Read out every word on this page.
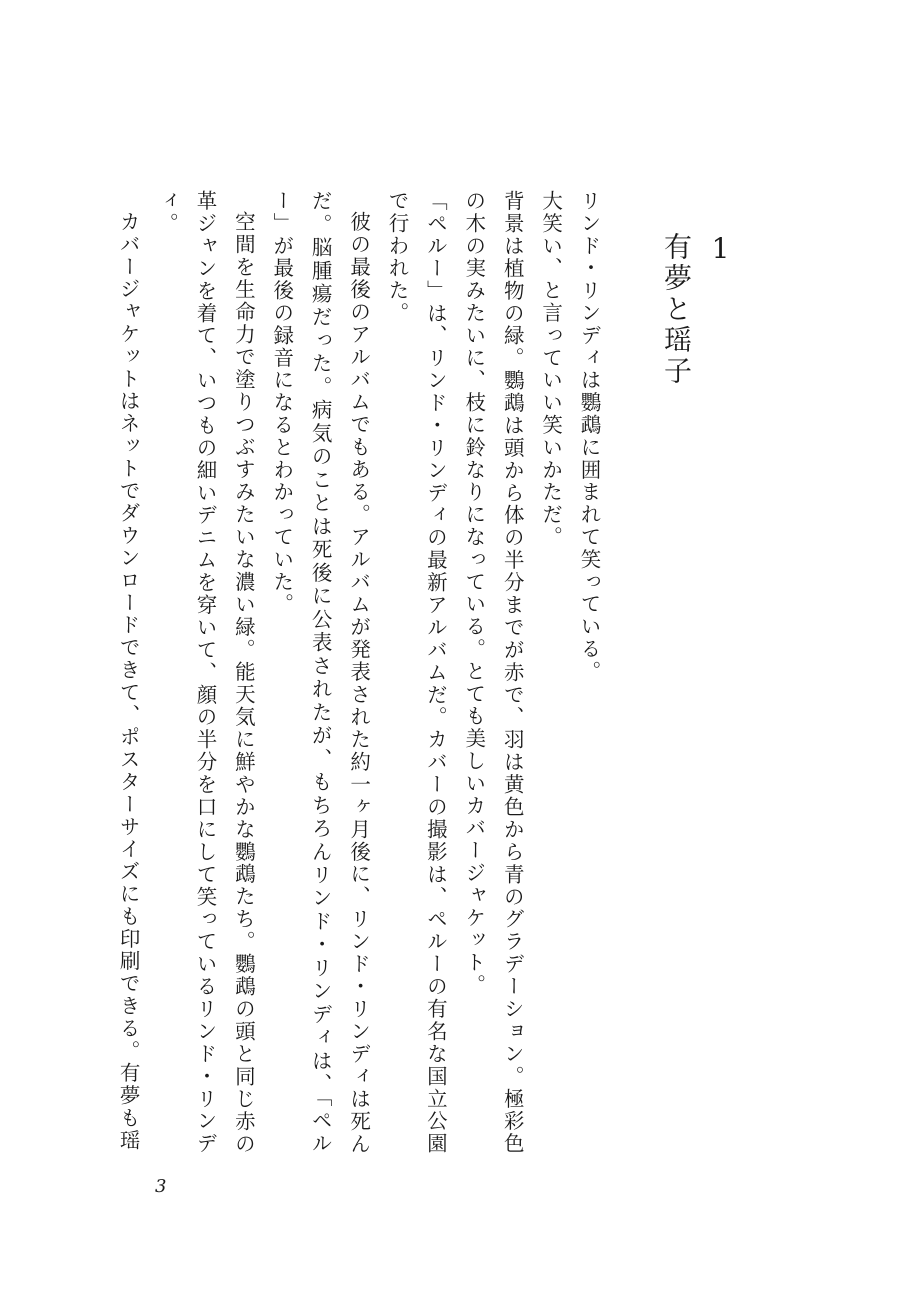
1
有夢と瑶子

リンド・リンディは鸚鵡に囲まれて笑っている。

大笑い、と言っていい笑いかただ。

背景は植物の緑。鸚鵡は頭から体の半分までが赤で、羽は黄色から青のグラデーション。極彩色の木の実みたいに、枝に鈴なりになっている。とても美しいカバージャケット。

「ペルー」は、リンド・リンディの最新アルバムだ。カバーの撮影は、ペルーの有名な国立公園で行われた。

彼の最後のアルバムでもある。アルバムが発表された約一ヶ月後に、リンド・リンディは死んだ。脳腫瘍だった。病気のことは死後に公表されたが、もちろんリンド・リンディは、「ペルー」が最後の録音になるとわかっていた。

空間を生命力で塗りつぶすみたいな濃い緑。能天気に鮮やかな鸚鵡たち。鸚鵡の頭と同じ赤の革ジャンを着て、いつもの細いデニムを穿いて、顔の半分を口にして笑っているリンド・リンディ。

カバージャケットはネットでダウンロードできて、ポスターサイズにも印刷できる。有夢も瑶

3
